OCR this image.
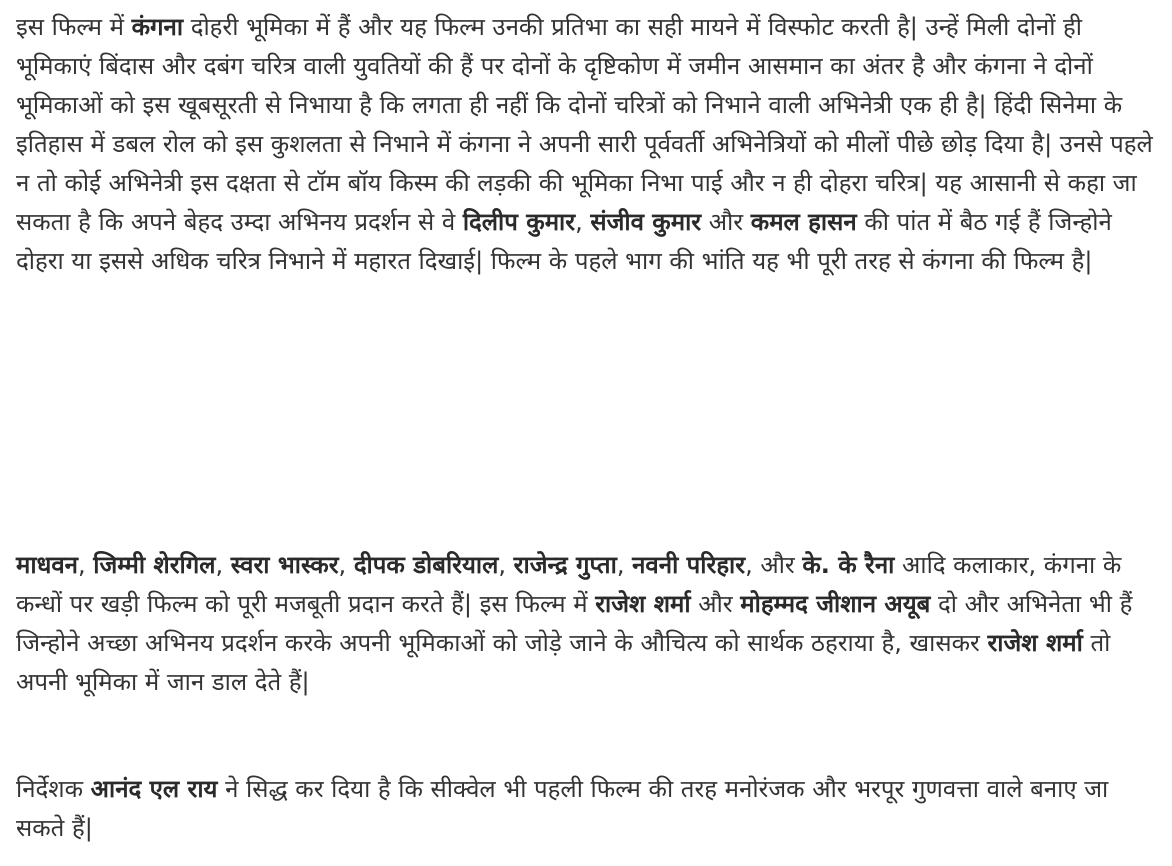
इस फिल्म में कंगना दोहरी भूमिका में हैं और यह फिल्म उनकी प्रतिभा का सही मायने में विस्फोट करती है| उन्हें मिली दोनों ही भूमिकाएं बिंदास और दबंग चरित्र वाली युवतियों की हैं पर दोनों के दृष्टिकोण में जमीन आसमान का अंतर है और कंगना ने दोनों भूमिकाओं को इस खूबसूरती से निभाया है कि लगता ही नहीं कि दोनों चरित्रों को निभाने वाली अभिनेत्री एक ही है| हिंदी सिनेमा के इतिहास में डबल रोल को इस कुशलता से निभाने में कंगना ने अपनी सारी पूर्ववर्ती अभिनेत्रियों को मीलों पीछे छोड़ दिया है| उनसे पहले न तो कोई अभिनेत्री इस दक्षता से टॉम बॉय किस्म की लड़की की भूमिका निभा पाई और न ही दोहरा चरित्र| यह आसानी से कहा जा सकता है कि अपने बेहद उम्दा अभिनय प्रदर्शन से वे दिलीप कुमार, संजीव कुमार और कमल हासन की पांत में बैठ गई हैं जिन्होने दोहरा या इससे अधिक चरित्र निभाने में महारत दिखाई| फिल्म के पहले भाग की भांति यह भी पूरी तरह से कंगना की फिल्म है|

माधवन, जिम्मी शेरगिल, स्वरा भास्कर, दीपक डोबरियाल, राजेन्द्र गुप्ता, नवनी परिहार, और के. के रैना आदि कलाकार, कंगना के कन्धों पर खड़ी फिल्म को पूरी मजबूती प्रदान करते हैं| इस फिल्म में राजेश शर्मा और मोहम्मद जीशान अयूब दो और अभिनेता भी हैं जिन्होने अच्छा अभिनय प्रदर्शन करके अपनी भूमिकाओं को जोड़े जाने के औचित्य को सार्थक ठहराया है, खासकर राजेश शर्मा तो अपनी भूमिका में जान डाल देते हैं|

निर्देशक आनंद एल राय ने सिद्ध कर दिया है कि सीक्वेल भी पहली फिल्म की तरह मनोरंजक और भरपूर गुणवत्ता वाले बनाए जा सकते हैं|
